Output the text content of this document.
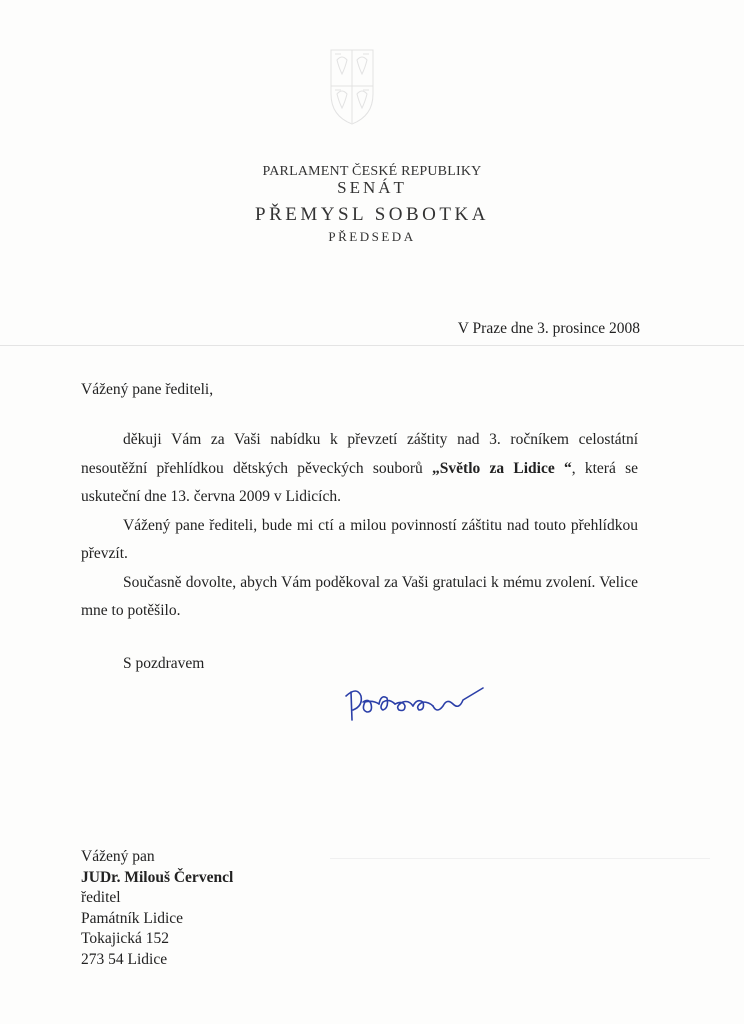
PARLAMENT ČESKÉ REPUBLIKY
SENÁT
PŘEMYSL SOBOTKA
PŘEDSEDA
V Praze dne 3. prosince 2008
Vážený pane řediteli,

děkuji Vám za Vaši nabídku k převzetí záštity nad 3. ročníkem celostátní nesoutěžní přehlídkou dětských pěveckých souborů „Světlo za Lidice “, která se uskuteční dne 13. června 2009 v Lidicích.

Vážený pane řediteli, bude mi ctí a milou povinností záštitu nad touto přehlídkou převzít.

Současně dovolte, abych Vám poděkoval za Vaši gratulaci k mému zvolení. Velice mne to potěšilo.

S pozdravem
Vážený pan
JUDr. Milouš Červencl
ředitel
Památník Lidice
Tokajická 152
273 54 Lidice
